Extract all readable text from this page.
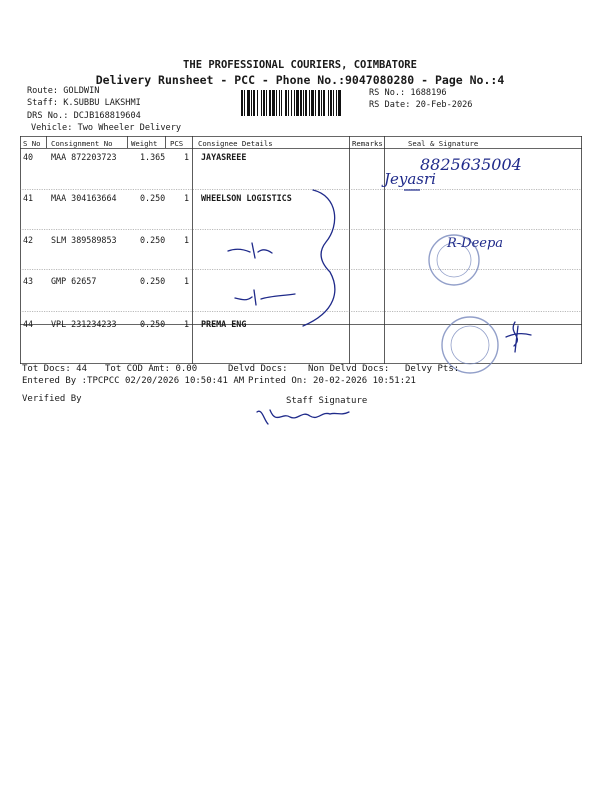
THE PROFESSIONAL COURIERS, COIMBATORE
Delivery Runsheet - PCC - Phone No.:9047080280 - Page No.:4
Route: GOLDWIN
Staff: K.SUBBU LAKSHMI
DRS No.: DCJB168819604
Vehicle: Two Wheeler Delivery
RS No.: 1688196
RS Date: 20-Feb-2026
S No Consignment No	Weight PCS Consignee Details	Remarks	Seal & Signature
40 MAA 872203723	1.365 1 JAYASREEE
41 MAA 304163664	0.250 1 WHEELSON LOGISTICS
42 SLM 389589853	0.250 1
43 GMP 62657	0.250 1
44 VPL 231234233	0.250 1 PREMA ENG
8825635004
Jeyasri
R-Deepa
Tot Docs: 44 Tot COD Amt: 0.00	Delvd Docs: Non Delvd Docs: Delvy Pts:
Entered By :TPCPCC 02/20/2026 10:50:41 AM Printed On: 20-02-2026 10:51:21
Verified By	Staff Signature
